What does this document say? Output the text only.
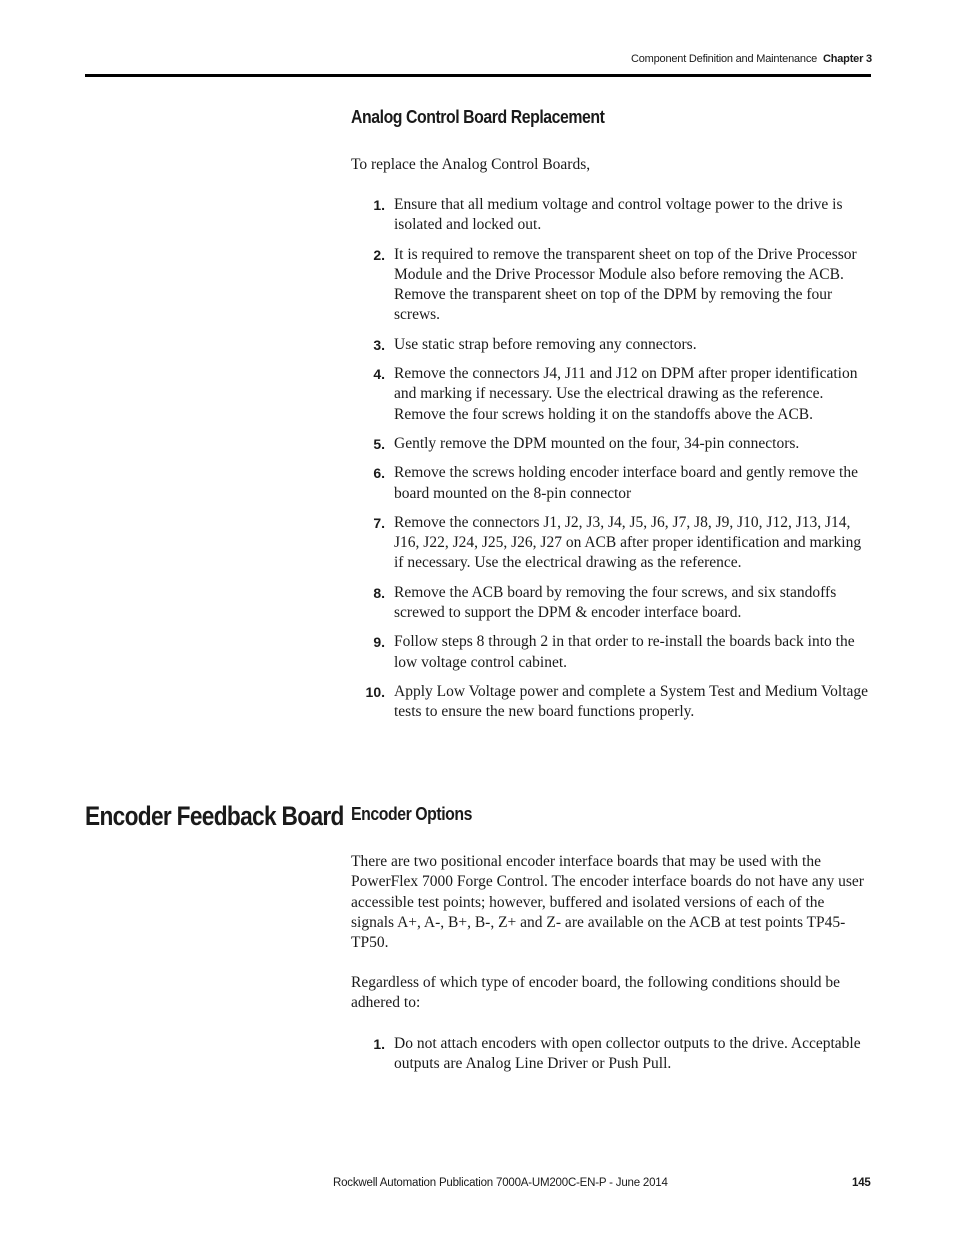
Component Definition and Maintenance Chapter 3
Analog Control Board Replacement

To replace the Analog Control Boards,

1. Ensure that all medium voltage and control voltage power to the drive is isolated and locked out.
2. It is required to remove the transparent sheet on top of the Drive Processor Module and the Drive Processor Module also before removing the ACB. Remove the transparent sheet on top of the DPM by removing the four screws.
3. Use static strap before removing any connectors.
4. Remove the connectors J4, J11 and J12 on DPM after proper identification and marking if necessary. Use the electrical drawing as the reference. Remove the four screws holding it on the standoffs above the ACB.
5. Gently remove the DPM mounted on the four, 34-pin connectors.
6. Remove the screws holding encoder interface board and gently remove the board mounted on the 8-pin connector
7. Remove the connectors J1, J2, J3, J4, J5, J6, J7, J8, J9, J10, J12, J13, J14, J16, J22, J24, J25, J26, J27 on ACB after proper identification and marking if necessary. Use the electrical drawing as the reference.
8. Remove the ACB board by removing the four screws, and six standoffs screwed to support the DPM & encoder interface board.
9. Follow steps 8 through 2 in that order to re-install the boards back into the low voltage control cabinet.
10. Apply Low Voltage power and complete a System Test and Medium Voltage tests to ensure the new board functions properly.
Encoder Feedback Board Encoder Options

There are two positional encoder interface boards that may be used with the PowerFlex 7000 Forge Control. The encoder interface boards do not have any user accessible test points; however, buffered and isolated versions of each of the signals A+, A-, B+, B-, Z+ and Z- are available on the ACB at test points TP45-TP50.

Regardless of which type of encoder board, the following conditions should be adhered to:

1. Do not attach encoders with open collector outputs to the drive. Acceptable outputs are Analog Line Driver or Push Pull.
Rockwell Automation Publication 7000A-UM200C-EN-P - June 2014	145
